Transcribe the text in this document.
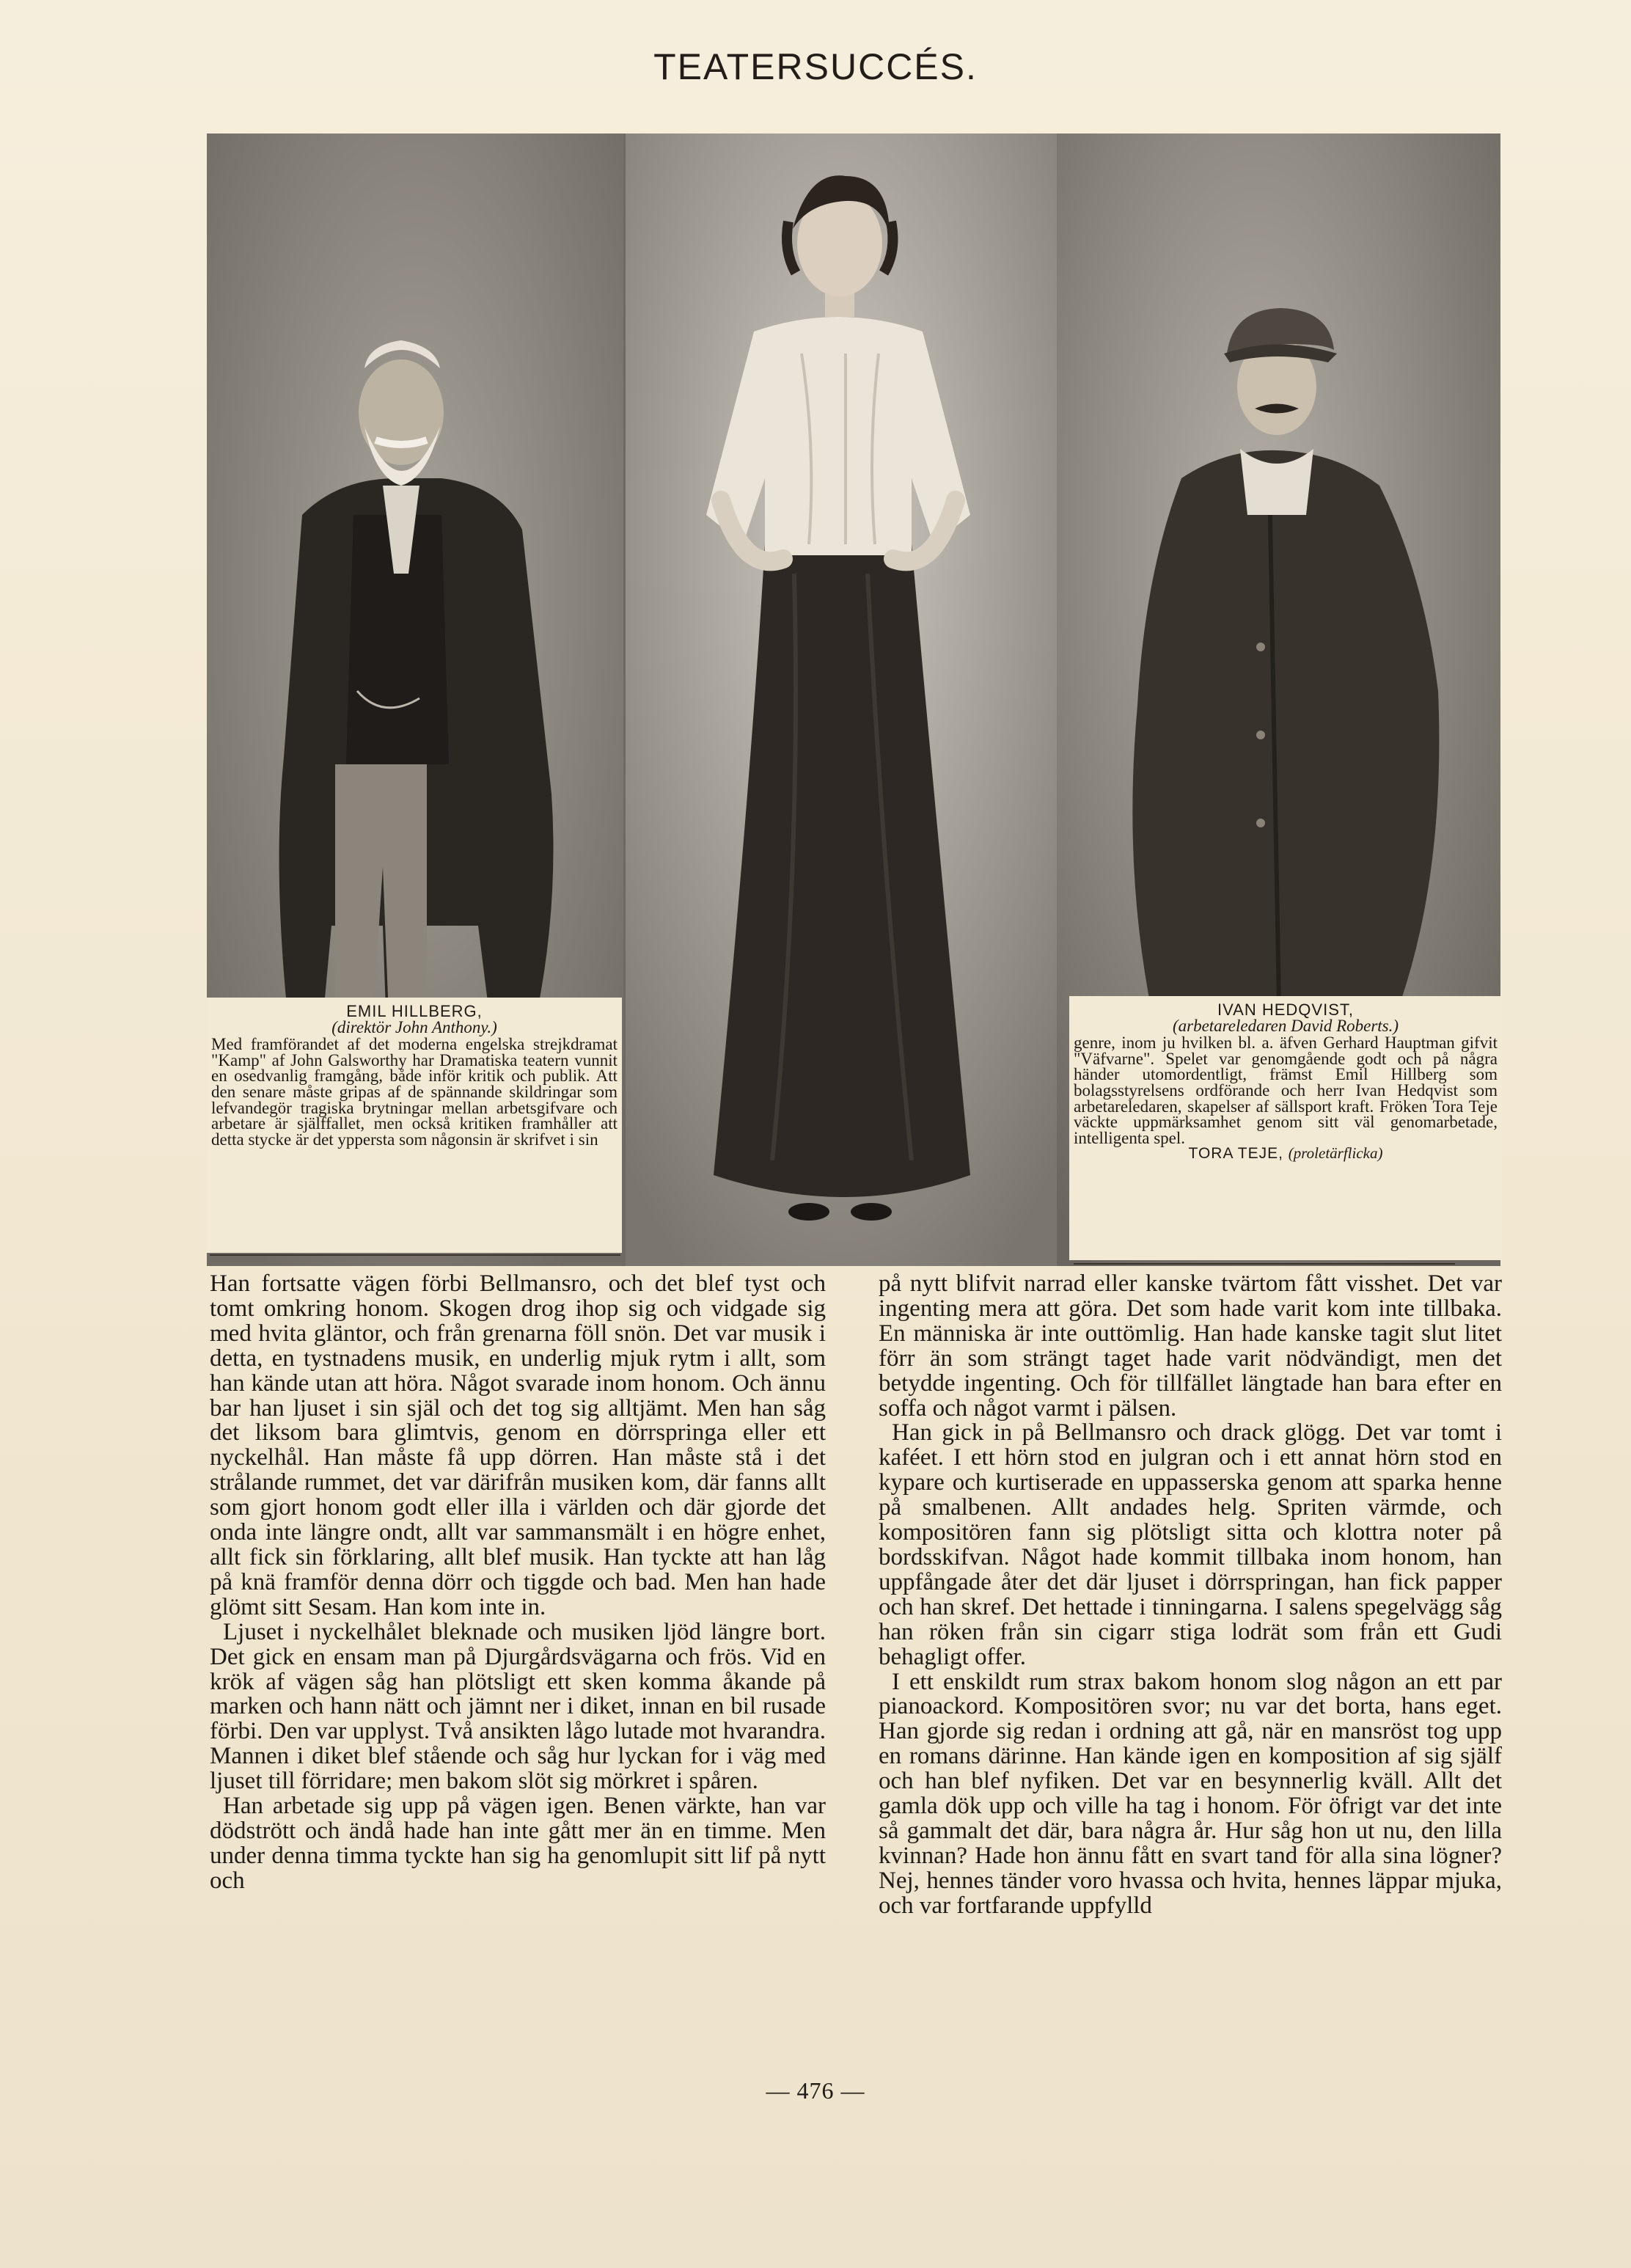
TEATERSUCCÉS.
EMIL HILLBERG,
(direktör John Anthony.)
Med framförandet af det moderna engelska strejkdramat "Kamp" af John Galsworthy har Dramatiska teatern vunnit en osedvanlig framgång, både inför kritik och publik. Att den senare måste gripas af de spännande skildringar som lefvandegör tragiska brytningar mellan arbetsgifvare och arbetare är själffallet, men också kritiken framhåller att detta stycke är det yppersta som någonsin är skrifvet i sin
IVAN HEDQVIST,
(arbetareledaren David Roberts.)
genre, inom ju hvilken bl. a. äfven Gerhard Hauptman gifvit "Väfvarne". Spelet var genomgående godt och på några händer utomordentligt, främst Emil Hillberg som bolagsstyrelsens ordförande och herr Ivan Hedqvist som arbetareledaren, skapelser af sällsport kraft. Fröken Tora Teje väckte uppmärksamhet genom sitt väl genomarbetade, intelligenta spel.
TORA TEJE, (proletärflicka)

Han fortsatte vägen förbi Bellmansro, och det blef tyst och tomt omkring honom. Skogen drog ihop sig och vidgade sig med hvita gläntor, och från grenarna föll snön. Det var musik i detta, en tystnadens musik, en underlig mjuk rytm i allt, som han kände utan att höra. Något svarade inom honom. Och ännu bar han ljuset i sin själ och det tog sig alltjämt. Men han såg det liksom bara glimtvis, genom en dörrspringa eller ett nyckelhål. Han måste få upp dörren. Han måste stå i det strålande rummet, det var därifrån musiken kom, där fanns allt som gjort honom godt eller illa i världen och där gjorde det onda inte längre ondt, allt var sammansmält i en högre enhet, allt fick sin förklaring, allt blef musik. Han tyckte att han låg på knä framför denna dörr och tiggde och bad. Men han hade glömt sitt Sesam. Han kom inte in.

Ljuset i nyckelhålet bleknade och musiken ljöd längre bort. Det gick en ensam man på Djurgårdsvägarna och frös. Vid en krök af vägen såg han plötsligt ett sken komma åkande på marken och hann nätt och jämnt ner i diket, innan en bil rusade förbi. Den var upplyst. Två ansikten lågo lutade mot hvarandra. Mannen i diket blef stående och såg hur lyckan for i väg med ljuset till förridare; men bakom slöt sig mörkret i spåren.

Han arbetade sig upp på vägen igen. Benen värkte, han var dödstrött och ändå hade han inte gått mer än en timme. Men under denna timma tyckte han sig ha genomlupit sitt lif på nytt och

på nytt blifvit narrad eller kanske tvärtom fått visshet. Det var ingenting mera att göra. Det som hade varit kom inte tillbaka. En människa är inte outtömlig. Han hade kanske tagit slut litet förr än som strängt taget hade varit nödvändigt, men det betydde ingenting. Och för tillfället längtade han bara efter en soffa och något varmt i pälsen.

Han gick in på Bellmansro och drack glögg. Det var tomt i kaféet. I ett hörn stod en julgran och i ett annat hörn stod en kypare och kurtiserade en uppasserska genom att sparka henne på smalbenen. Allt andades helg. Spriten värmde, och kompositören fann sig plötsligt sitta och klottra noter på bordsskifvan. Något hade kommit tillbaka inom honom, han uppfångade åter det där ljuset i dörrspringan, han fick papper och han skref. Det hettade i tinningarna. I salens spegelvägg såg han röken från sin cigarr stiga lodrät som från ett Gudi behagligt offer.

I ett enskildt rum strax bakom honom slog någon an ett par pianoackord. Kompositören svor; nu var det borta, hans eget. Han gjorde sig redan i ordning att gå, när en mansröst tog upp en romans därinne. Han kände igen en komposition af sig själf och han blef nyfiken. Det var en besynnerlig kväll. Allt det gamla dök upp och ville ha tag i honom. För öfrigt var det inte så gammalt det där, bara några år. Hur såg hon ut nu, den lilla kvinnan? Hade hon ännu fått en svart tand för alla sina lögner? Nej, hennes tänder voro hvassa och hvita, hennes läppar mjuka, och var fortfarande uppfylld

— 476 —
